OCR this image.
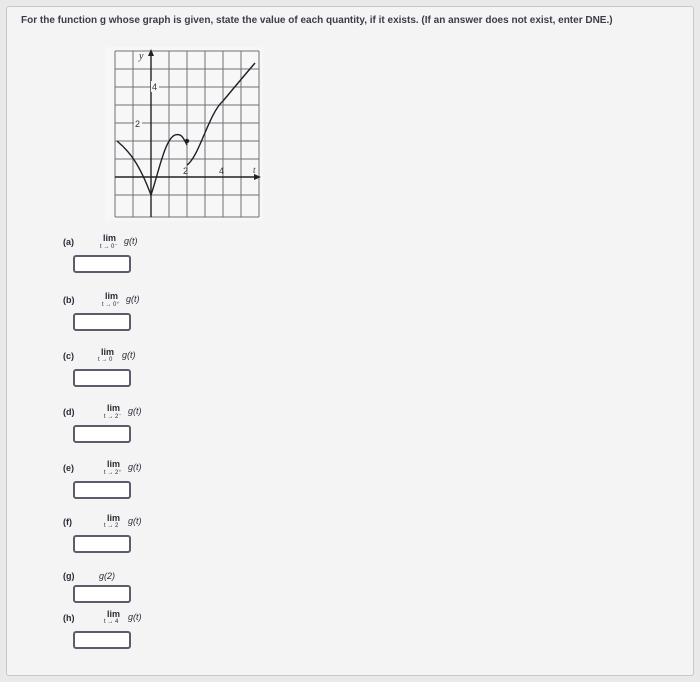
For the function g whose graph is given, state the value of each quantity, if it exists. (If an answer does not exist, enter DNE.)
y
t
4
2
2	4
(a)	lim
t → 0⁻
g(t)
(b)	lim
t → 0⁺
g(t)
(c)	lim
t → 0 g(t)
(d)	lim
t → 2⁻
g(t)
(e)	lim
t → 2⁺
g(t)
(f)	lim
t → 2 g(t)
(g)	g(2)
(h)	lim
t → 4 g(t)
